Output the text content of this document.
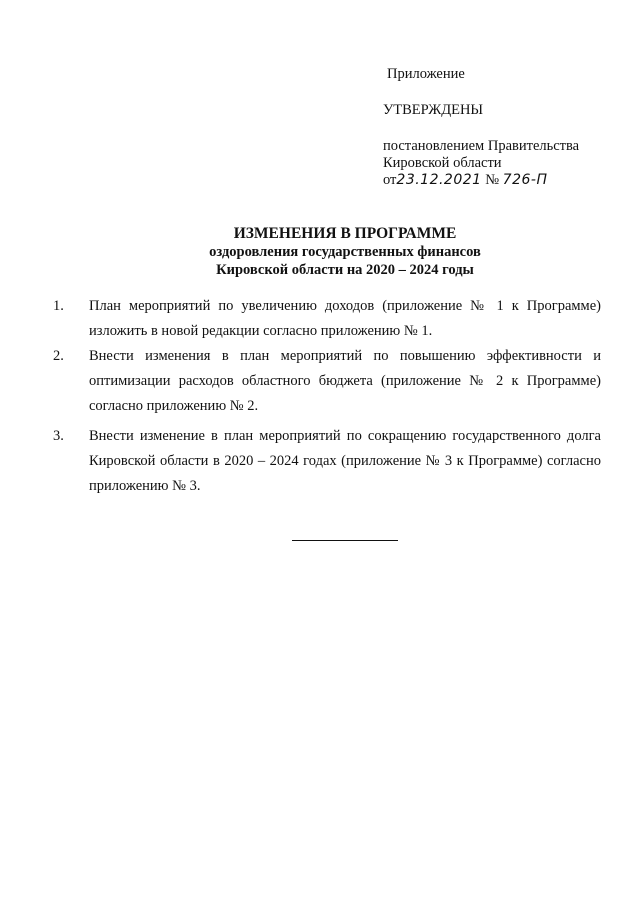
Приложение
УТВЕРЖДЕНЫ
постановлением Правительства
Кировской области
от23.12.2021 № 726-П
ИЗМЕНЕНИЯ В ПРОГРАММЕ
оздоровления государственных финансов
Кировской области на 2020 – 2024 годы

1. План мероприятий по увеличению доходов (приложение № 1 к Программе) изложить в новой редакции согласно приложению № 1.

2. Внести изменения в план мероприятий по повышению эффективности и оптимизации расходов областного бюджета (приложение № 2 к Программе) согласно приложению № 2.

3. Внести изменение в план мероприятий по сокращению государственного долга Кировской области в 2020 – 2024 годах (приложение № 3 к Программе) согласно приложению № 3.
